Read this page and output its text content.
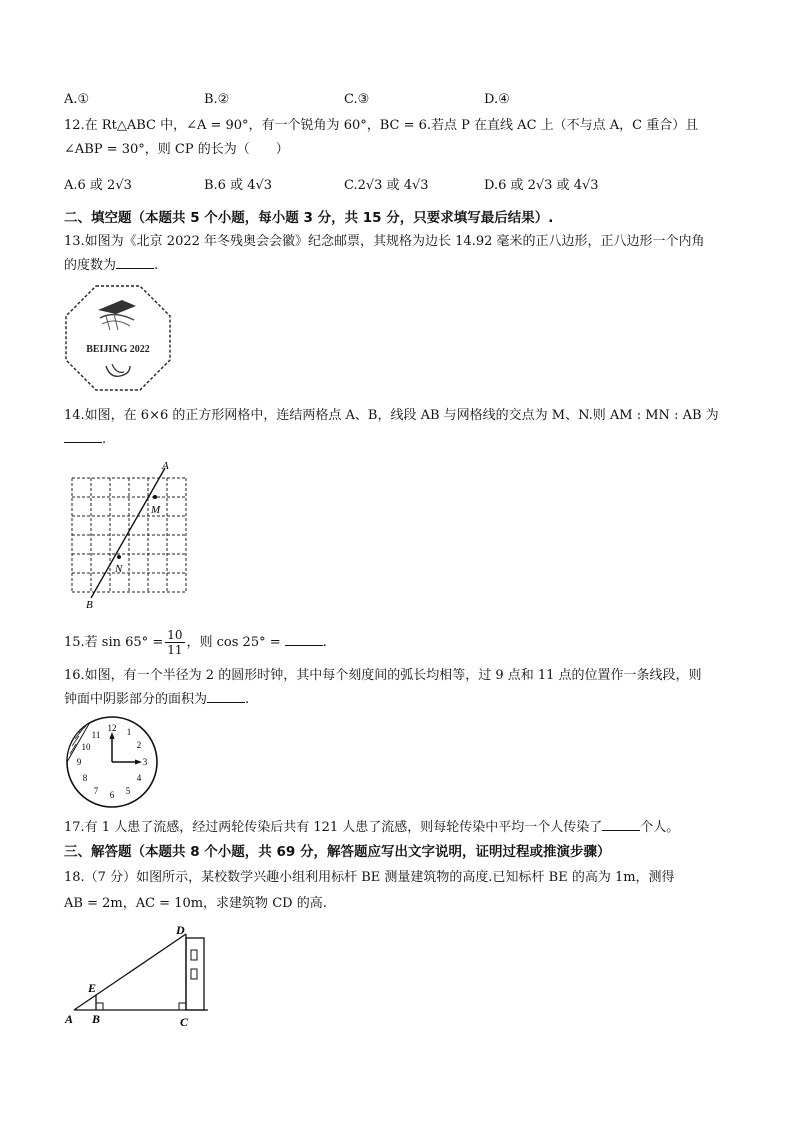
A.①	B.②	C.③	D.④
12.在 Rt△ABC 中，∠A = 90°，有一个锐角为 60°，BC = 6.若点 P 在直线 AC 上（不与点 A，C 重合）且
∠ABP = 30°，则 CP 的长为（　　）
A.6 或 2√3	B.6 或 4√3	C.2√3 或 4√3	D.6 或 2√3 或 4√3
二、填空题（本题共 5 个小题，每小题 3 分，共 15 分，只要求填写最后结果）.
13.如图为《北京 2022 年冬残奥会会徽》纪念邮票，其规格为边长 14.92 毫米的正八边形，正八边形一个内角
的度数为	.
BEIJING 2022
14.如图，在 6×6 的正方形网格中，连结两格点 A、B，线段 AB 与网格线的交点为 M、N.则 AM : MN : AB 为
.
A
B
M
N
15.若 $\sin 65^\circ = \frac{10}{11}$ ，则 cos 25° =	.
16.如图，有一个半径为 2 的圆形时钟，其中每个刻度间的弧长均相等，过 9 点和 11 点的位置作一条线段，则
钟面中阴影部分的面积为	.
12 1
2
3
4
5
6
7
8
9
10
11
17.有 1 人患了流感，经过两轮传染后共有 121 人患了流感，则每轮传染中平均一个人传染了	个人。
三、解答题（本题共 8 个小题，共 69 分，解答题应写出文字说明，证明过程或推演步骤）
18.（7 分）如图所示，某校数学兴趣小组利用标杆 BE 测量建筑物的高度.已知标杆 BE 的高为 1m，测得
AB = 2m，AC = 10m，求建筑物 CD 的高.
A B	C
D
E
